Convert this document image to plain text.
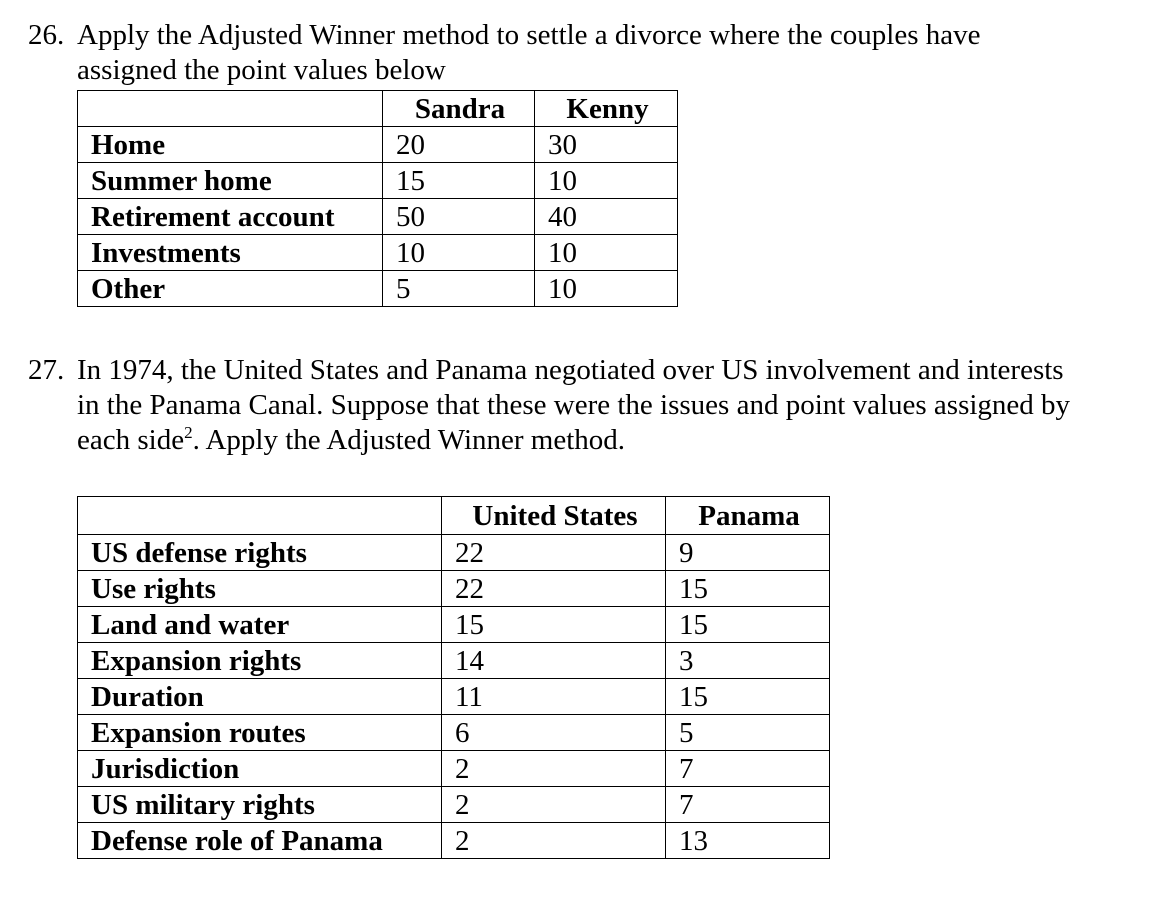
26. Apply the Adjusted Winner method to settle a divorce where the couples have
assigned the point values below

	Sandra	Kenny
Home	20	30
Summer home	15	10
Retirement account	50	40
Investments	10	10
Other	5	10

27. In 1974, the United States and Panama negotiated over US involvement and interests
in the Panama Canal. Suppose that these were the issues and point values assigned by
each side$^2$. Apply the Adjusted Winner method.

	United States	Panama
US defense rights	22	9
Use rights	22	15
Land and water	15	15
Expansion rights	14	3
Duration	11	15
Expansion routes	6	5
Jurisdiction	2	7
US military rights	2	7
Defense role of Panama	2	13
